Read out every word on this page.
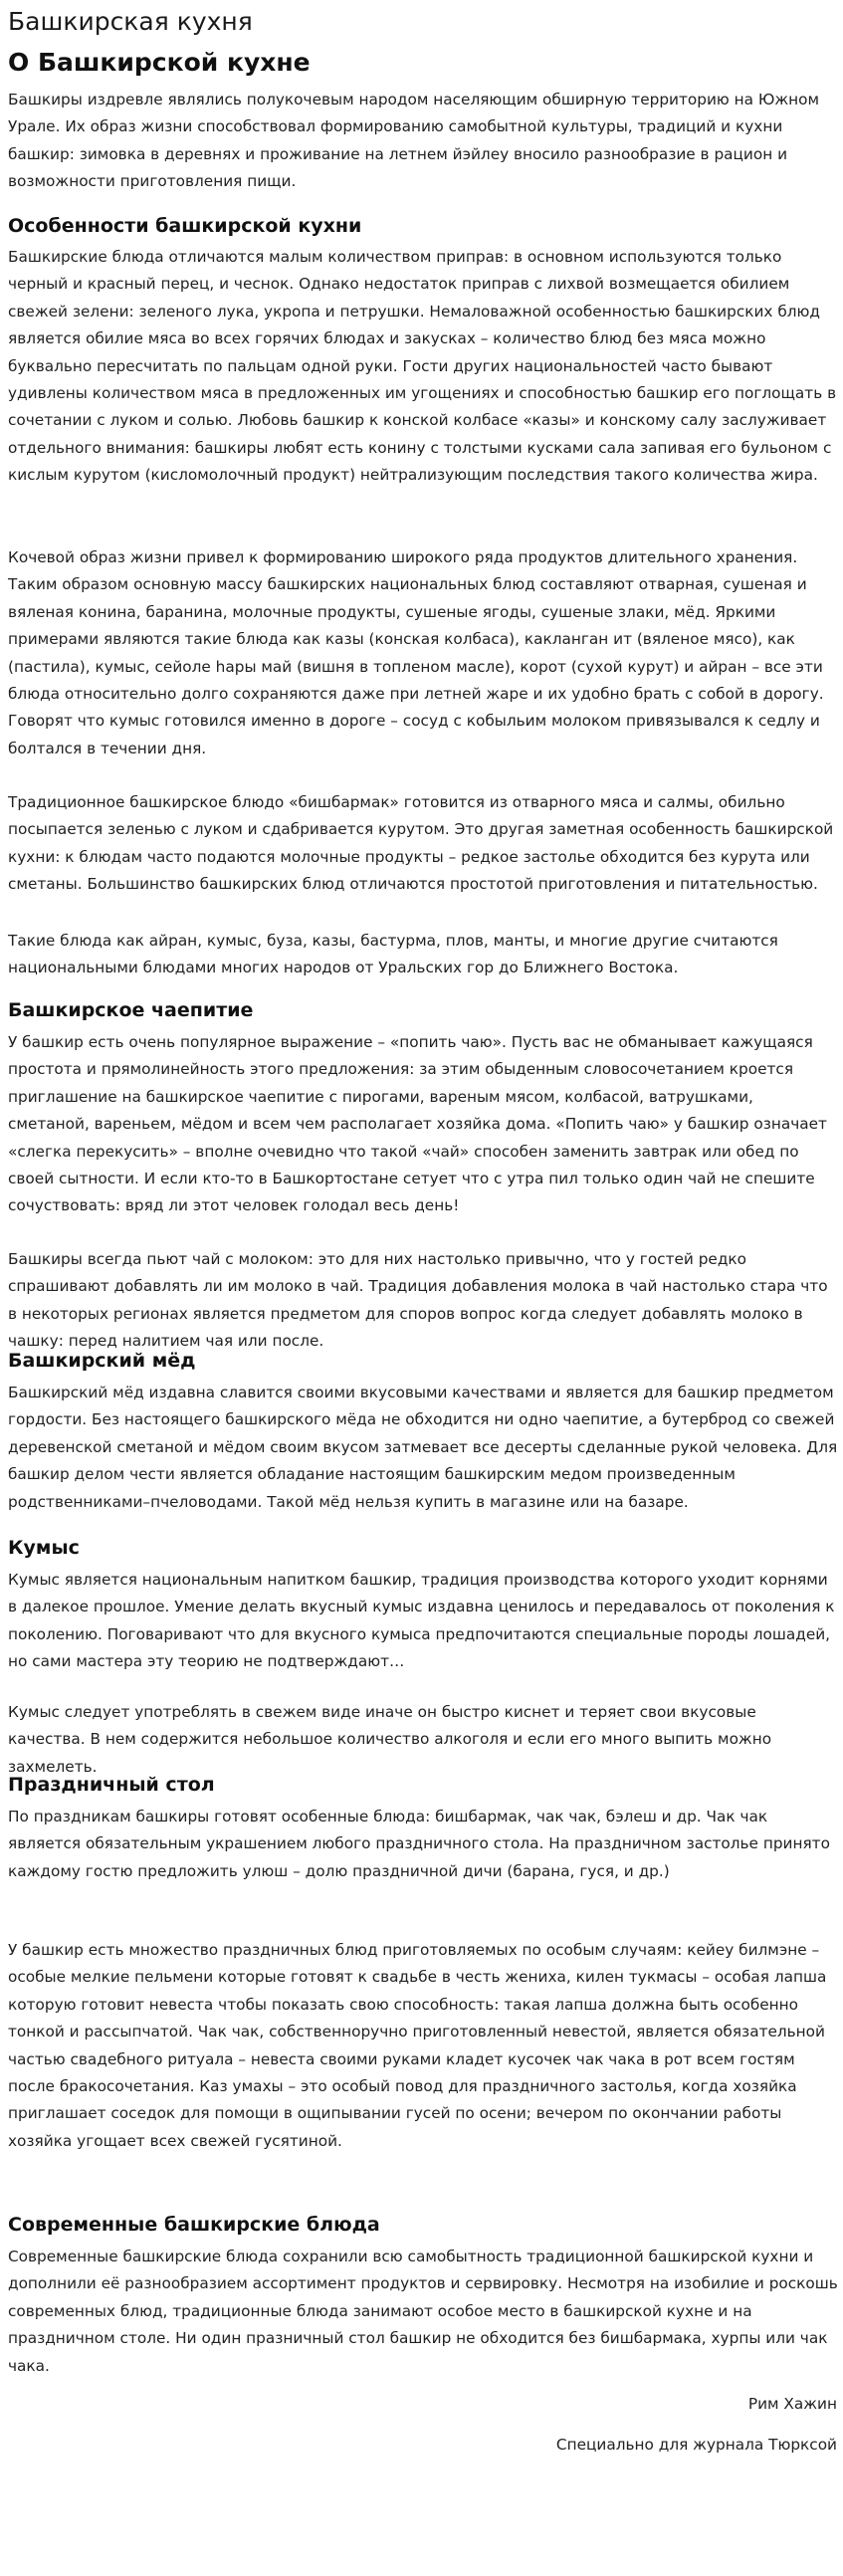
Башкирская кухня
О Башкирской кухне

Башкиры издревле являлись полукочевым народом населяющим обширную территорию на Южном Урале. Их образ жизни способствовал формированию самобытной культуры, традиций и кухни башкир: зимовка в деревнях и проживание на летнем йэйлеу вносило разнообразие в рацион и возможности приготовления пищи.

Особенности башкирской кухни

Башкирские блюда отличаются малым количеством приправ: в основном используются только черный и красный перец, и чеснок. Однако недостаток приправ с лихвой возмещается обилием свежей зелени: зеленого лука, укропа и петрушки. Немаловажной особенностью башкирских блюд является обилие мяса во всех горячих блюдах и закусках – количество блюд без мяса можно буквально пересчитать по пальцам одной руки. Гости других национальностей часто бывают удивлены количеством мяса в предложенных им угощениях и способностью башкир его поглощать в сочетании с луком и солью. Любовь башкир к конской колбасе «казы» и конскому салу заслуживает отдельного внимания: башкиры любят есть конину с толстыми кусками сала запивая его бульоном с кислым курутом (кисломолочный продукт) нейтрализующим последствия такого количества жира.

Кочевой образ жизни привел к формированию широкого ряда продуктов длительного хранения. Таким образом основную массу башкирских национальных блюд составляют отварная, сушеная и вяленая конина, баранина, молочные продукты, сушеные ягоды, сушеные злаки, мёд. Яркими примерами являются такие блюда как казы (конская колбаса), какланган ит (вяленое мясо), как (пастила), кумыс, сейоле hары май (вишня в топленом масле), корот (сухой курут) и айран – все эти блюда относительно долго сохраняются даже при летней жаре и их удобно брать с собой в дорогу. Говорят что кумыс готовился именно в дороге – сосуд с кобыльим молоком привязывался к седлу и болтался в течении дня.

Традиционное башкирское блюдо «бишбармак» готовится из отварного мяса и салмы, обильно посыпается зеленью с луком и сдабривается курутом. Это другая заметная особенность башкирской кухни: к блюдам часто подаются молочные продукты – редкое застолье обходится без курута или сметаны. Большинство башкирских блюд отличаются простотой приготовления и питательностью.

Такие блюда как айран, кумыс, буза, казы, бастурма, плов, манты, и многие другие считаются национальными блюдами многих народов от Уральских гор до Ближнего Востока.

Башкирское чаепитие

У башкир есть очень популярное выражение – «попить чаю». Пусть вас не обманывает кажущаяся простота и прямолинейность этого предложения: за этим обыденным словосочетанием кроется приглашение на башкирское чаепитие с пирогами, вареным мясом, колбасой, ватрушками, сметаной, вареньем, мёдом и всем чем располагает хозяйка дома. «Попить чаю» у башкир означает «слегка перекусить» – вполне очевидно что такой «чай» способен заменить завтрак или обед по своей сытности. И если кто-то в Башкортостане сетует что с утра пил только один чай не спешите сочуствовать: вряд ли этот человек голодал весь день!

Башкиры всегда пьют чай с молоком: это для них настолько привычно, что у гостей редко спрашивают добавлять ли им молоко в чай. Традиция добавления молока в чай настолько стара что в некоторых регионах является предметом для споров вопрос когда следует добавлять молоко в чашку: перед налитием чая или после.

Башкирский мёд

Башкирский мёд издавна славится своими вкусовыми качествами и является для башкир предметом гордости. Без настоящего башкирского мёда не обходится ни одно чаепитие, а бутерброд со свежей деревенской сметаной и мёдом своим вкусом затмевает все десерты сделанные рукой человека. Для башкир делом чести является обладание настоящим башкирским медом произведенным родственниками–пчеловодами. Такой мёд нельзя купить в магазине или на базаре.

Кумыс

Кумыс является национальным напитком башкир, традиция производства которого уходит корнями в далекое прошлое. Умение делать вкусный кумыс издавна ценилось и передавалось от поколения к поколению. Поговаривают что для вкусного кумыса предпочитаются специальные породы лошадей, но сами мастера эту теорию не подтверждают…

Кумыс следует употреблять в свежем виде иначе он быстро киснет и теряет свои вкусовые качества. В нем содержится небольшое количество алкоголя и если его много выпить можно захмелеть.

Праздничный стол

По праздникам башкиры готовят особенные блюда: бишбармак, чак чак, бэлеш и др. Чак чак является обязательным украшением любого праздничного стола. На праздничном застолье принято каждому гостю предложить улюш – долю праздничной дичи (барана, гуся, и др.)

У башкир есть множество праздничных блюд приготовляемых по особым случаям: кейеу билмэне – особые мелкие пельмени которые готовят к свадьбе в честь жениха, килен тукмасы – особая лапша которую готовит невеста чтобы показать свою способность: такая лапша должна быть особенно тонкой и рассыпчатой. Чак чак, собственноручно приготовленный невестой, является обязательной частью свадебного ритуала – невеста своими руками кладет кусочек чак чака в рот всем гостям после бракосочетания. Каз умахы – это особый повод для праздничного застолья, когда хозяйка приглашает соседок для помощи в ощипывании гусей по осени; вечером по окончании работы хозяйка угощает всех свежей гусятиной.

Современные башкирские блюда

Современные башкирские блюда сохранили всю самобытность традиционной башкирской кухни и дополнили её разнообразием ассортимент продуктов и сервировку. Несмотря на изобилие и роскошь современных блюд, традиционные блюда занимают особое место в башкирской кухне и на праздничном столе. Ни один празничный стол башкир не обходится без бишбармака, хурпы или чак чака.

Рим Хажин

Специально для журнала Тюрксой
